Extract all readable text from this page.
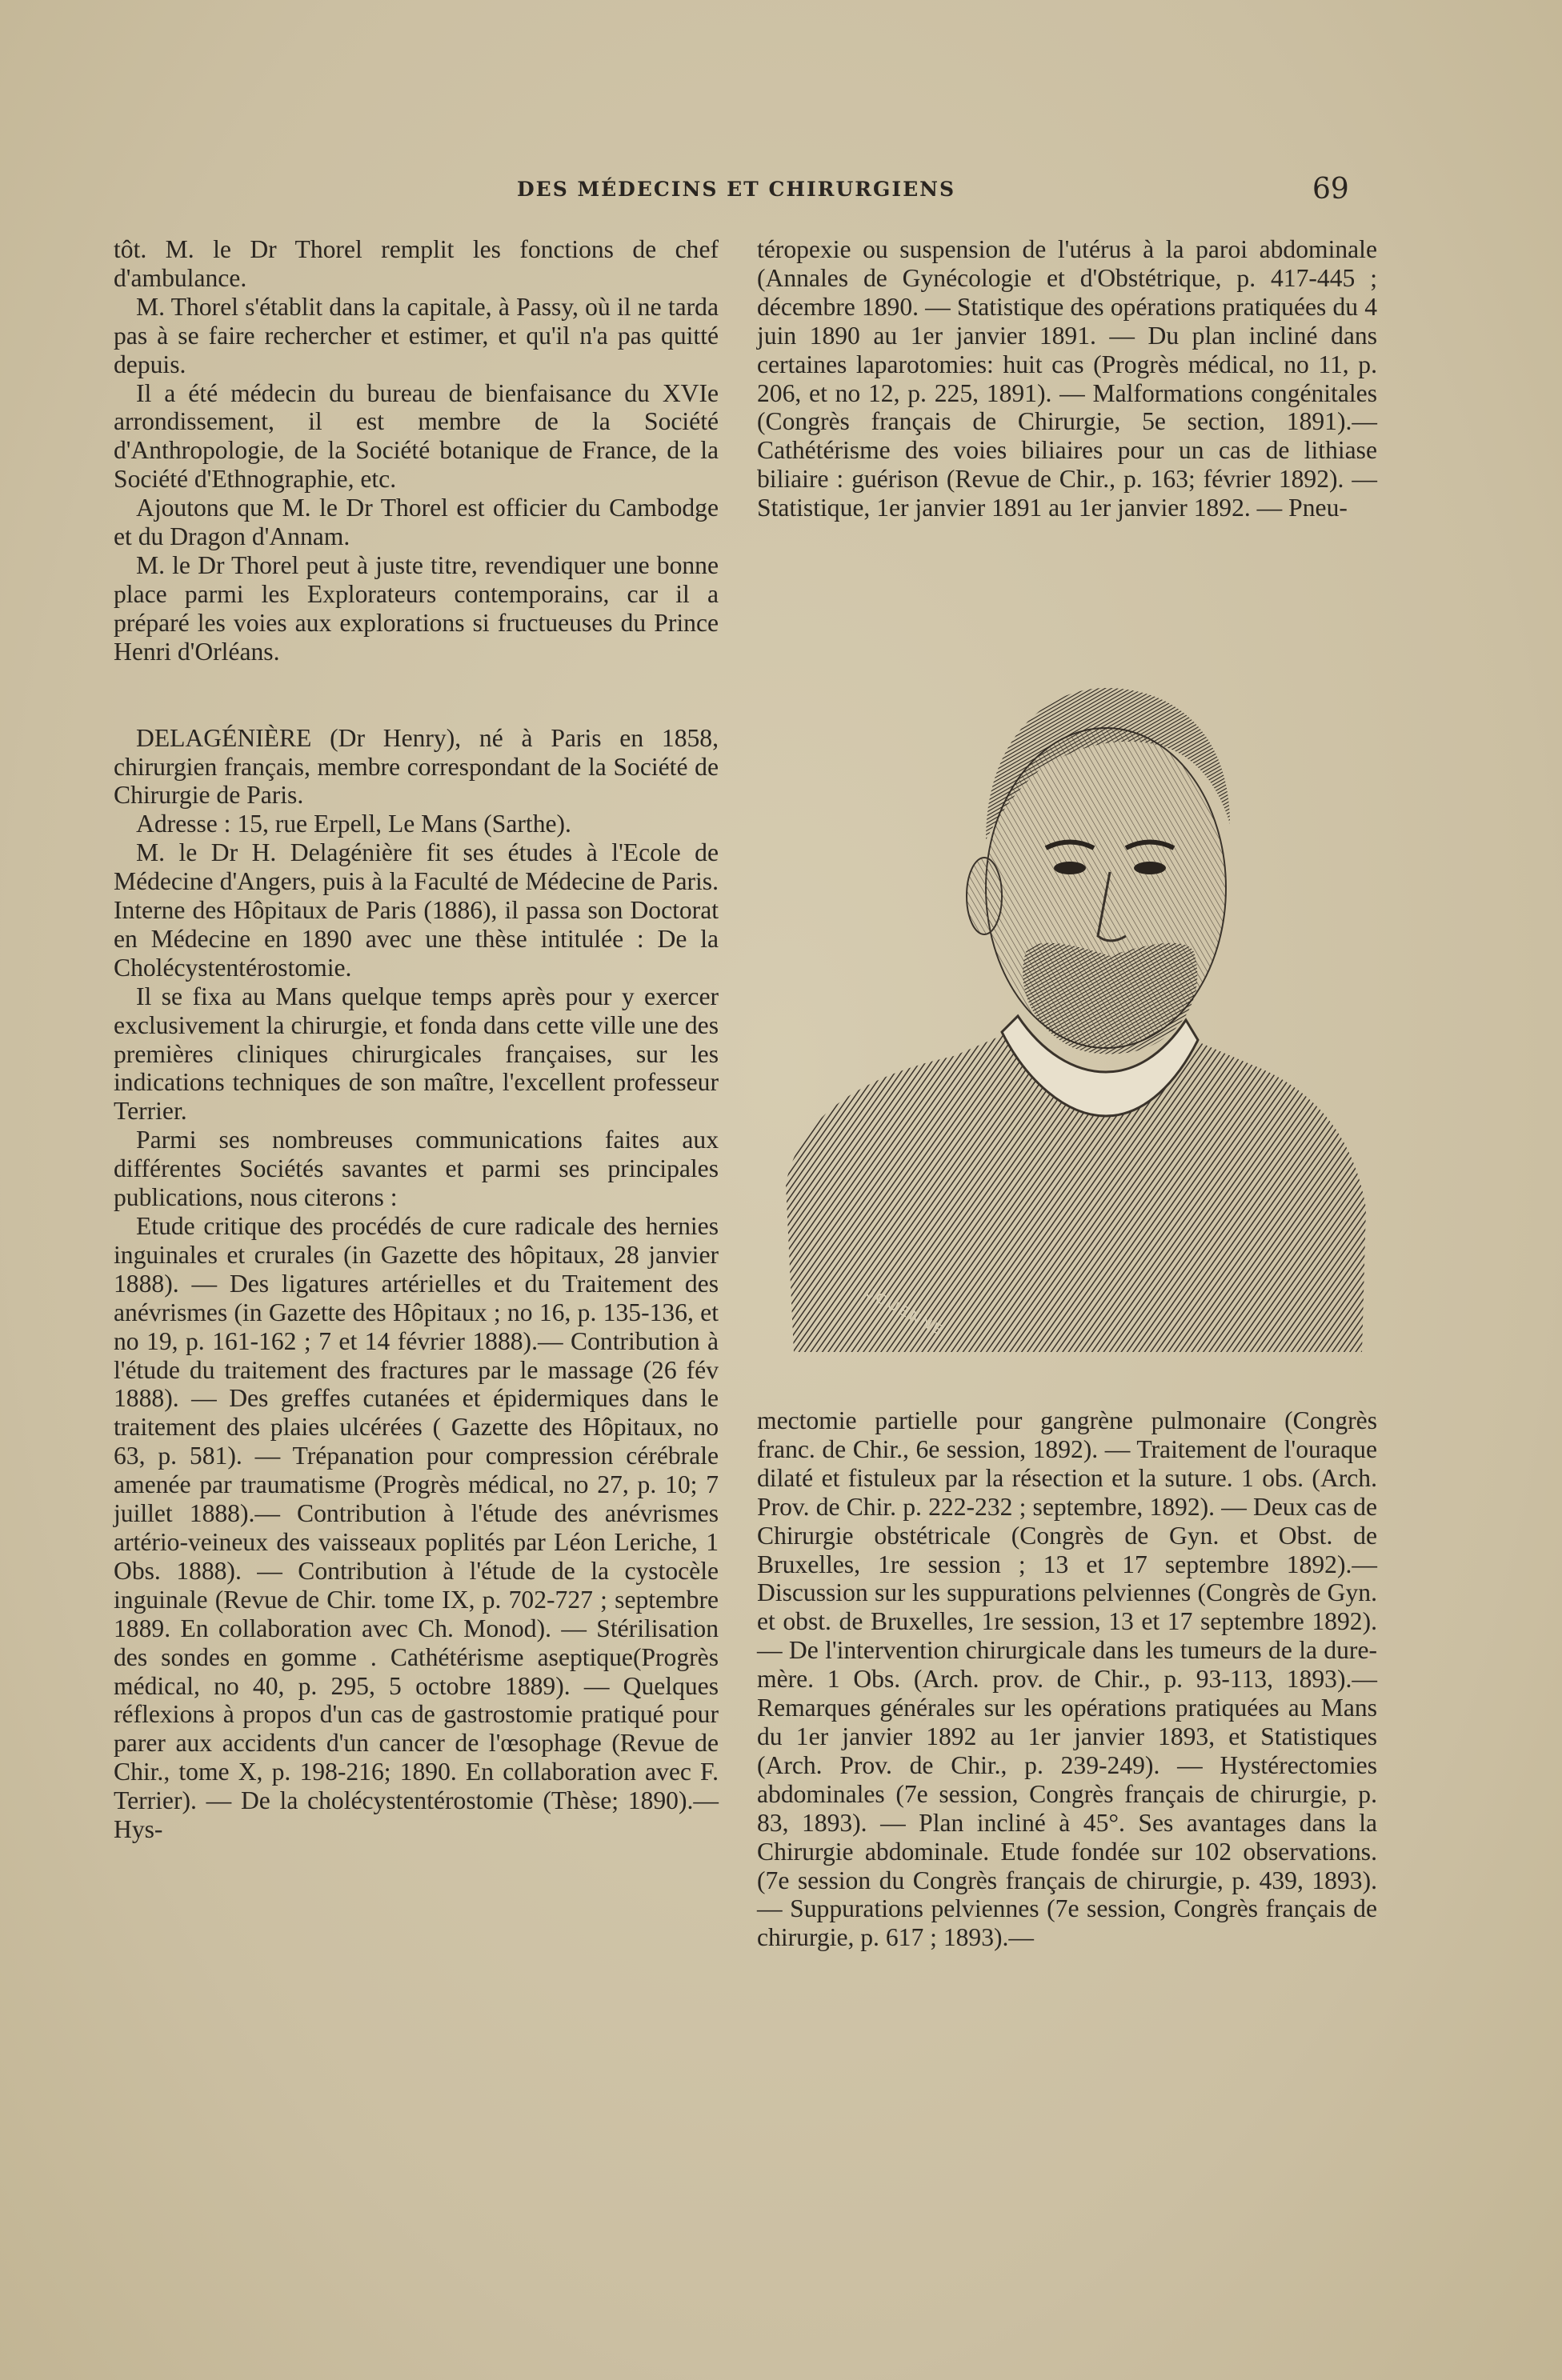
DES MÉDECINS ET CHIRURGIENS	69

tôt. M. le Dr Thorel remplit les fonctions de chef d'ambulance.

M. Thorel s'établit dans la capitale, à Passy, où il ne tarda pas à se faire rechercher et estimer, et qu'il n'a pas quitté depuis.

Il a été médecin du bureau de bienfaisance du XVIe arrondissement, il est membre de la Société d'Anthropologie, de la Société botanique de France, de la Société d'Ethnographie, etc.

Ajoutons que M. le Dr Thorel est officier du Cambodge et du Dragon d'Annam.

M. le Dr Thorel peut à juste titre, revendiquer une bonne place parmi les Explorateurs contemporains, car il a préparé les voies aux explorations si fructueuses du Prince Henri d'Orléans.

DELAGÉNIÈRE (Dr Henry), né à Paris en 1858, chirurgien français, membre correspondant de la Société de Chirurgie de Paris.

Adresse : 15, rue Erpell, Le Mans (Sarthe).

M. le Dr H. Delagénière fit ses études à l'Ecole de Médecine d'Angers, puis à la Faculté de Médecine de Paris. Interne des Hôpitaux de Paris (1886), il passa son Doctorat en Médecine en 1890 avec une thèse intitulée : De la Cholécystentérostomie.

Il se fixa au Mans quelque temps après pour y exercer exclusivement la chirurgie, et fonda dans cette ville une des premières cliniques chirurgicales françaises, sur les indications techniques de son maître, l'excellent professeur Terrier.

Parmi ses nombreuses communications faites aux différentes Sociétés savantes et parmi ses principales publications, nous citerons :

Etude critique des procédés de cure radicale des hernies inguinales et crurales (in Gazette des hôpitaux, 28 janvier 1888). — Des ligatures artérielles et du Traitement des anévrismes (in Gazette des Hôpitaux ; no 16, p. 135-136, et no 19, p. 161-162 ; 7 et 14 février 1888).— Contribution à l'étude du traitement des fractures par le massage (26 fév 1888). — Des greffes cutanées et épidermiques dans le traitement des plaies ulcérées ( Gazette des Hôpitaux, no 63, p. 581). — Trépanation pour compression cérébrale amenée par traumatisme (Progrès médical, no 27, p. 10; 7 juillet 1888).— Contribution à l'étude des anévrismes artério-veineux des vaisseaux poplités par Léon Leriche, 1 Obs. 1888). — Contribution à l'étude de la cystocèle inguinale (Revue de Chir. tome IX, p. 702-727 ; septembre 1889. En collaboration avec Ch. Monod). — Stérilisation des sondes en gomme . Cathétérisme aseptique(Progrès médical, no 40, p. 295, 5 octobre 1889). — Quelques réflexions à propos d'un cas de gastrostomie pratiqué pour parer aux accidents d'un cancer de l'œsophage (Revue de Chir., tome X, p. 198-216; 1890. En collaboration avec F. Terrier). — De la cholécystentérostomie (Thèse; 1890).—Hys-

téropexie ou suspension de l'utérus à la paroi abdominale (Annales de Gynécologie et d'Obstétrique, p. 417-445 ; décembre 1890. — Statistique des opérations pratiquées du 4 juin 1890 au 1er janvier 1891. — Du plan incliné dans certaines laparotomies: huit cas (Progrès médical, no 11, p. 206, et no 12, p. 225, 1891). — Malformations congénitales (Congrès français de Chirurgie, 5e section, 1891).— Cathétérisme des voies biliaires pour un cas de lithiase biliaire : guérison (Revue de Chir., p. 163; février 1892). — Statistique, 1er janvier 1891 au 1er janvier 1892. — Pneu-

JOUENNE

mectomie partielle pour gangrène pulmonaire (Congrès franc. de Chir., 6e session, 1892). — Traitement de l'ouraque dilaté et fistuleux par la résection et la suture. 1 obs. (Arch. Prov. de Chir. p. 222-232 ; septembre, 1892). — Deux cas de Chirurgie obstétricale (Congrès de Gyn. et Obst. de Bruxelles, 1re session ; 13 et 17 septembre 1892).— Discussion sur les suppurations pelviennes (Congrès de Gyn. et obst. de Bruxelles, 1re session, 13 et 17 septembre 1892). — De l'intervention chirurgicale dans les tumeurs de la dure-mère. 1 Obs. (Arch. prov. de Chir., p. 93-113, 1893).— Remarques générales sur les opérations pratiquées au Mans du 1er janvier 1892 au 1er janvier 1893, et Statistiques (Arch. Prov. de Chir., p. 239-249). — Hystérectomies abdominales (7e session, Congrès français de chirurgie, p. 83, 1893). — Plan incliné à 45°. Ses avantages dans la Chirurgie abdominale. Etude fondée sur 102 observations. (7e session du Congrès français de chirurgie, p. 439, 1893). — Suppurations pelviennes (7e session, Congrès français de chirurgie, p. 617 ; 1893).—
